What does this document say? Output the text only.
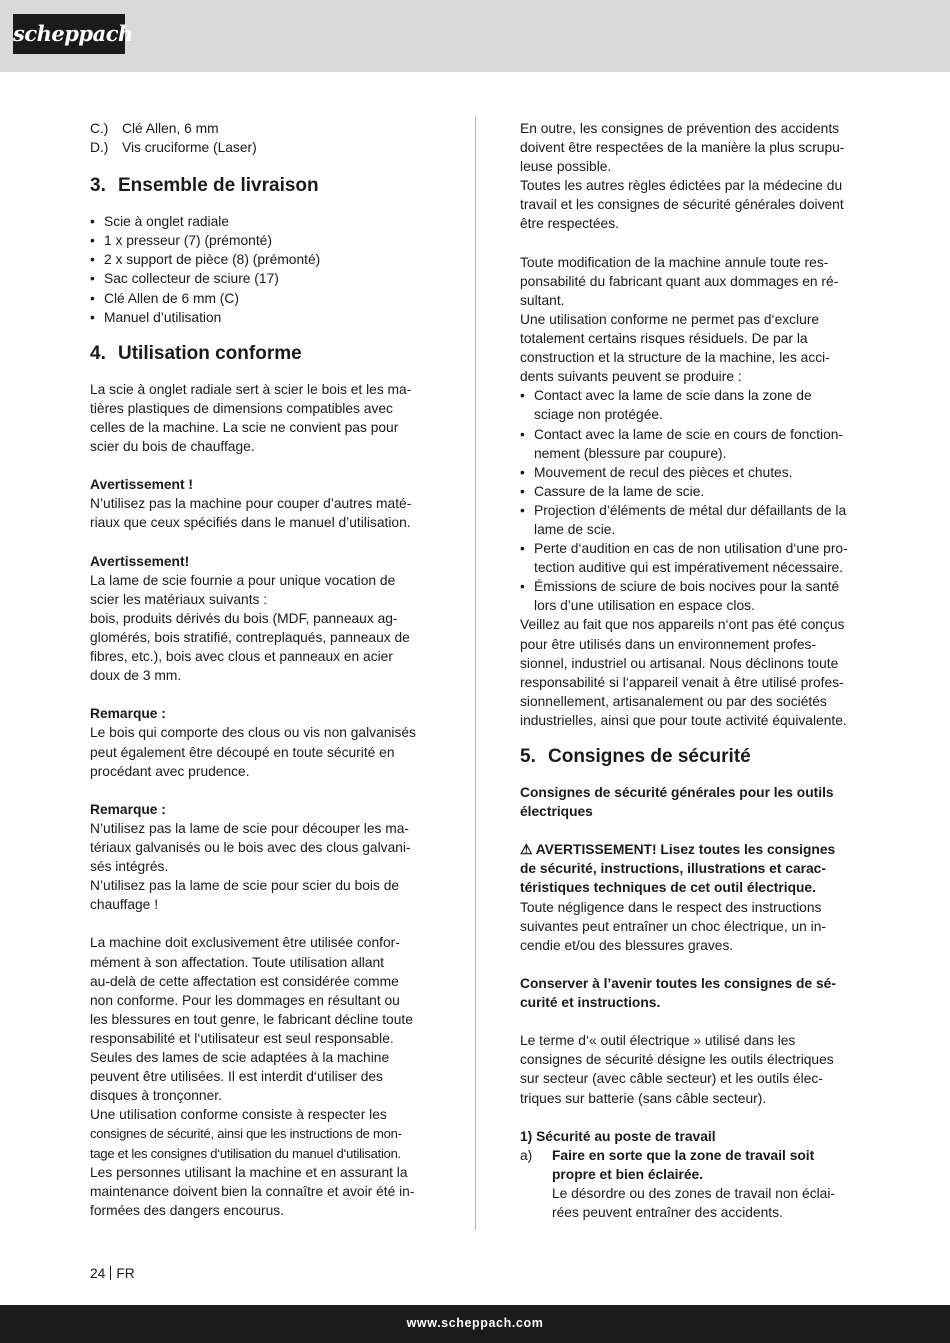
scheppach
C.) Clé Allen, 6 mm
D.) Vis cruciforme (Laser)
3. Ensemble de livraison
• Scie à onglet radiale
• 1 x presseur (7) (prémonté)
• 2 x support de pièce (8) (prémonté)
• Sac collecteur de sciure (17)
• Clé Allen de 6 mm (C)
• Manuel d’utilisation
4. Utilisation conforme
La scie à onglet radiale sert à scier le bois et les ma-
tières plastiques de dimensions compatibles avec
celles de la machine. La scie ne convient pas pour
scier du bois de chauffage.
Avertissement !
N’utilisez pas la machine pour couper d’autres maté-
riaux que ceux spécifiés dans le manuel d’utilisation.
Avertissement!
La lame de scie fournie a pour unique vocation de
scier les matériaux suivants :
bois, produits dérivés du bois (MDF, panneaux ag-
glomérés, bois stratifié, contreplaqués, panneaux de
fibres, etc.), bois avec clous et panneaux en acier
doux de 3 mm.
Remarque :
Le bois qui comporte des clous ou vis non galvanisés
peut également être découpé en toute sécurité en
procédant avec prudence.
Remarque :
N’utilisez pas la lame de scie pour découper les ma-
tériaux galvanisés ou le bois avec des clous galvani-
sés intégrés.
N’utilisez pas la lame de scie pour scier du bois de
chauffage !
La machine doit exclusivement être utilisée confor-
mément à son affectation. Toute utilisation allant
au-delà de cette affectation est considérée comme
non conforme. Pour les dommages en résultant ou
les blessures en tout genre, le fabricant décline toute
responsabilité et l‘utilisateur est seul responsable.
Seules des lames de scie adaptées à la machine
peuvent être utilisées. Il est interdit d‘utiliser des
disques à tronçonner.
Une utilisation conforme consiste à respecter les
consignes de sécurité, ainsi que les instructions de mon-
tage et les consignes d‘utilisation du manuel d‘utilisation.
Les personnes utilisant la machine et en assurant la
maintenance doivent bien la connaître et avoir été in-
formées des dangers encourus.
En outre, les consignes de prévention des accidents
doivent être respectées de la manière la plus scrupu-
leuse possible.
Toutes les autres règles édictées par la médecine du
travail et les consignes de sécurité générales doivent
être respectées.
Toute modification de la machine annule toute res-
ponsabilité du fabricant quant aux dommages en ré-
sultant.
Une utilisation conforme ne permet pas d‘exclure
totalement certains risques résiduels. De par la
construction et la structure de la machine, les acci-
dents suivants peuvent se produire :
• Contact avec la lame de scie dans la zone de
sciage non protégée.
• Contact avec la lame de scie en cours de fonction-
nement (blessure par coupure).
• Mouvement de recul des pièces et chutes.
• Cassure de la lame de scie.
• Projection d’éléments de métal dur défaillants de la
lame de scie.
• Perte d‘audition en cas de non utilisation d‘une pro-
tection auditive qui est impérativement nécessaire.
• Émissions de sciure de bois nocives pour la santé
lors d’une utilisation en espace clos.
Veillez au fait que nos appareils n‘ont pas été conçus
pour être utilisés dans un environnement profes-
sionnel, industriel ou artisanal. Nous déclinons toute
responsabilité si l‘appareil venait à être utilisé profes-
sionnellement, artisanalement ou par des sociétés
industrielles, ainsi que pour toute activité équivalente.
5. Consignes de sécurité
Consignes de sécurité générales pour les outils
électriques
⚠ AVERTISSEMENT! Lisez toutes les consignes
de sécurité, instructions, illustrations et carac-
téristiques techniques de cet outil électrique.
Toute négligence dans le respect des instructions
suivantes peut entraîner un choc électrique, un in-
cendie et/ou des blessures graves.
Conserver à l’avenir toutes les consignes de sé-
curité et instructions.
Le terme d‘« outil électrique » utilisé dans les
consignes de sécurité désigne les outils électriques
sur secteur (avec câble secteur) et les outils élec-
triques sur batterie (sans câble secteur).
1) Sécurité au poste de travail
a)	Faire en sorte que la zone de travail soit
propre et bien éclairée.
Le désordre ou des zones de travail non éclai-
rées peuvent entraîner des accidents.
24 FR
www.scheppach.com
